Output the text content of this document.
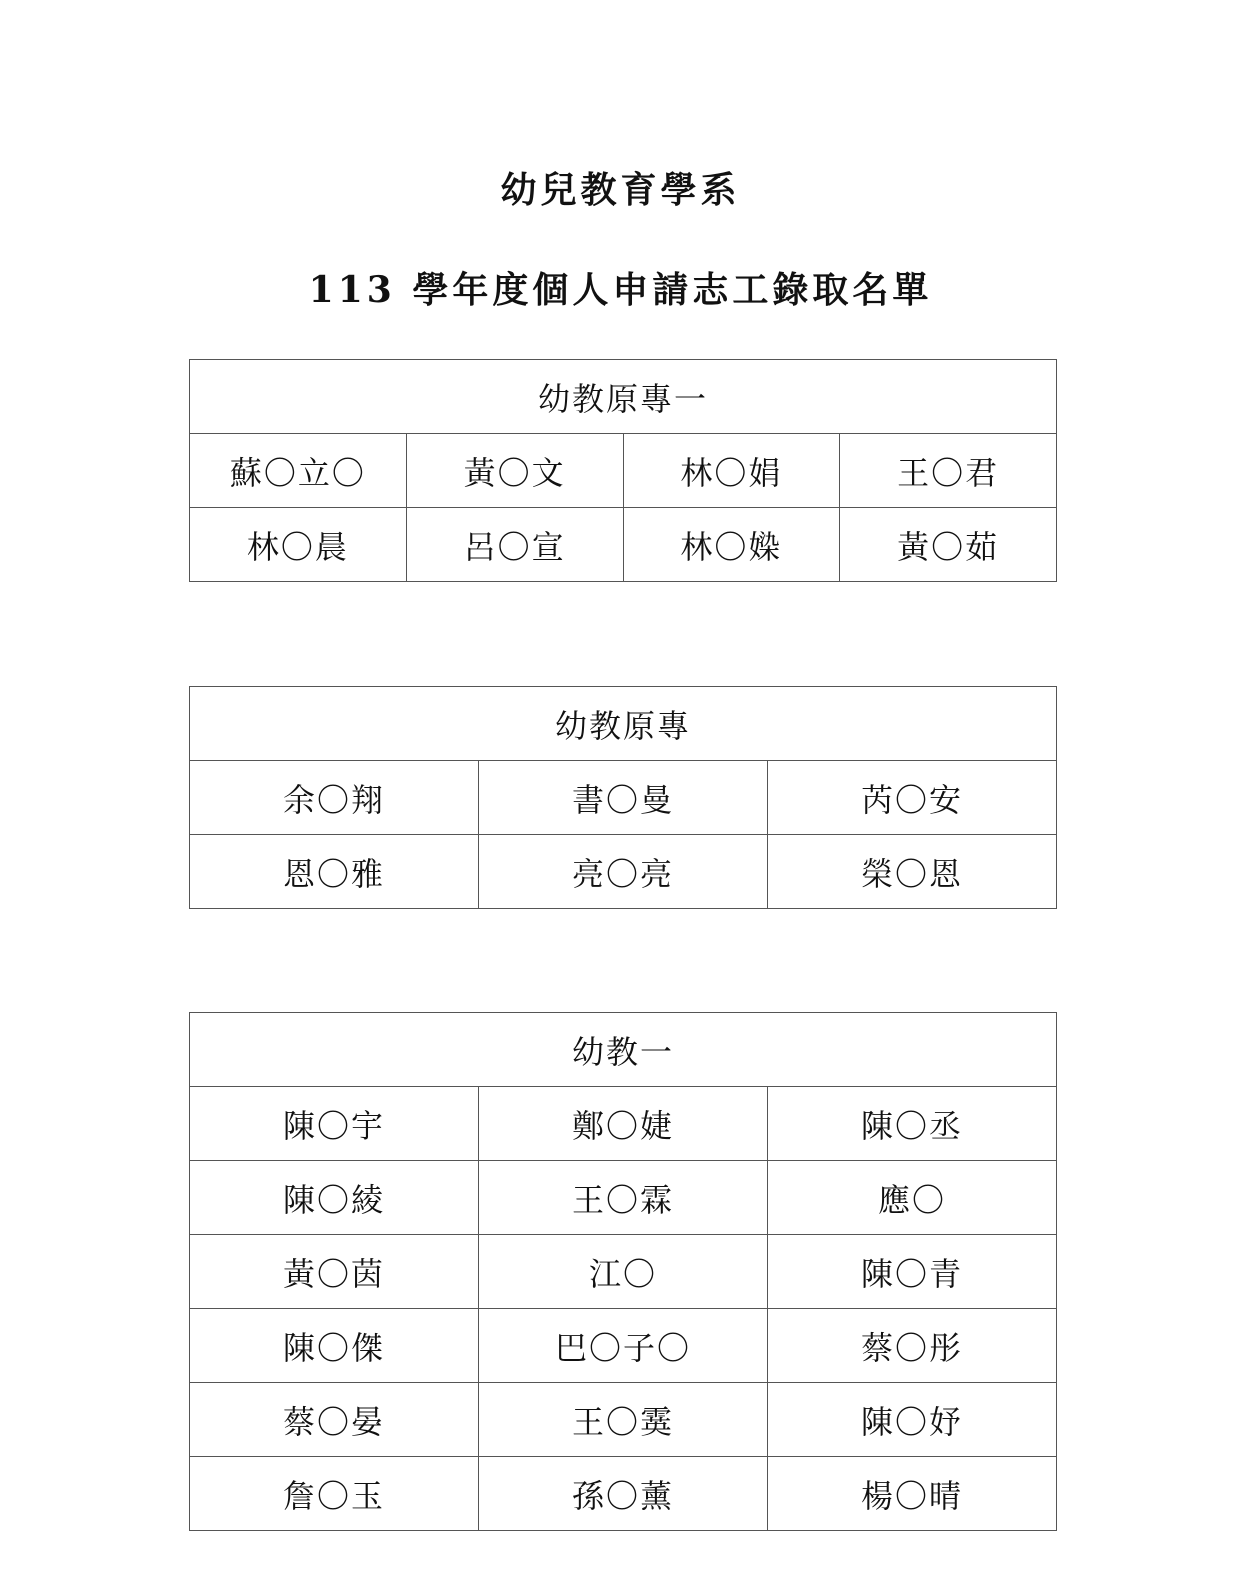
幼兒教育學系
113 學年度個人申請志工錄取名單
幼教原專一			
蘇〇立〇	黃〇文	林〇娟	王〇君
林〇晨	呂〇宣	林〇媣	黃〇茹
幼教原專		
余〇翔	書〇曼	芮〇安
恩〇雅	亮〇亮	榮〇恩
幼教一		
陳〇宇	鄭〇婕	陳〇丞
陳〇綾	王〇霖	應〇
黃〇茵	江〇	陳〇青
陳〇傑	巴〇子〇	蔡〇彤
蔡〇晏	王〇霙	陳〇妤
詹〇玉	孫〇薰	楊〇晴
